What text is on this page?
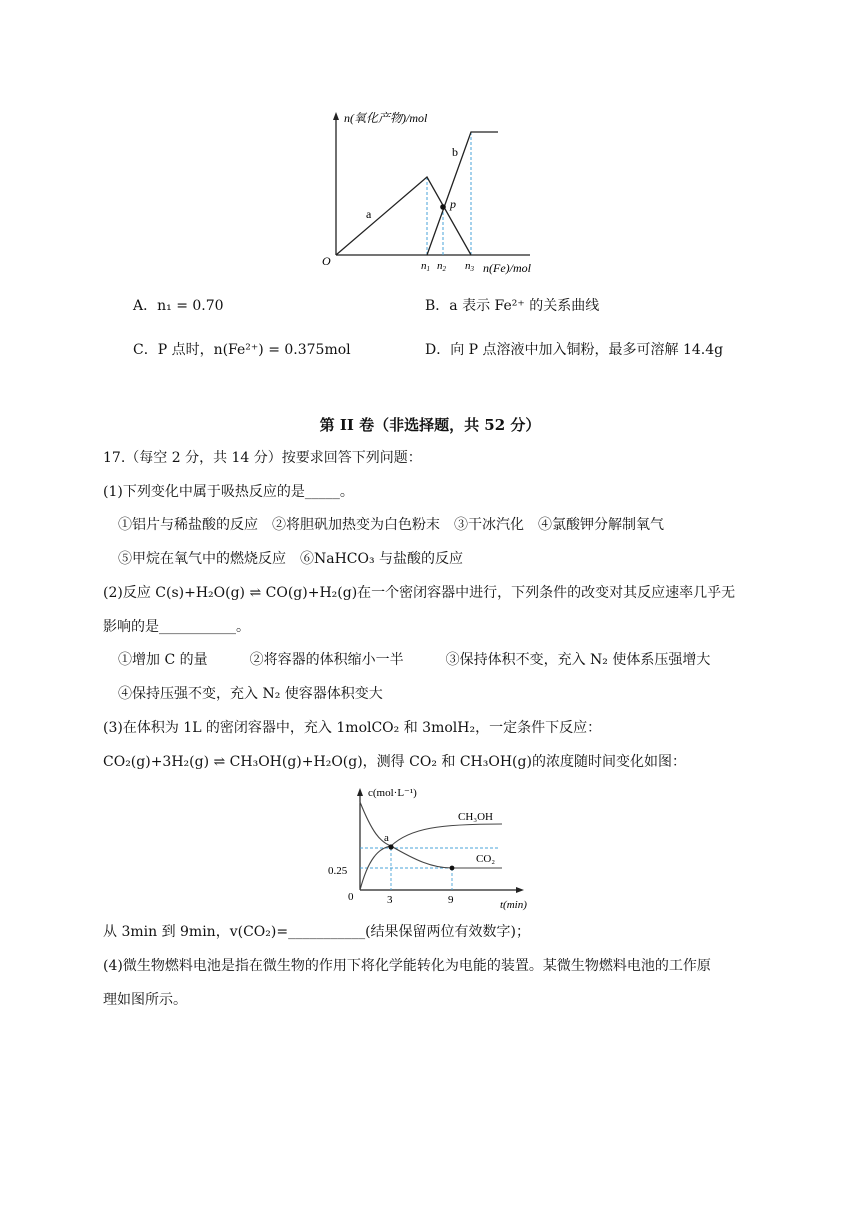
n(氧化产物)/mol
a
b
p
O	n1 n2 n3 n(Fe)/mol
A．n₁ = 0.70	B．a 表示 Fe²⁺ 的关系曲线
C．P 点时，n(Fe²⁺) = 0.375mol	D．向 P 点溶液中加入铜粉，最多可溶解 14.4g
第 II 卷（非选择题，共 52 分）
17.（每空 2 分，共 14 分）按要求回答下列问题：
(1)下列变化中属于吸热反应的是_____。
①铝片与稀盐酸的反应　②将胆矾加热变为白色粉末　③干冰汽化　④氯酸钾分解制氧气
⑤甲烷在氧气中的燃烧反应　⑥NaHCO₃ 与盐酸的反应
(2)反应 C(s)+H₂O(g) ⇌ CO(g)+H₂(g)在一个密闭容器中进行，下列条件的改变对其反应速率几乎无
影响的是___________。
①增加 C 的量　　　②将容器的体积缩小一半　　　③保持体积不变，充入 N₂ 使体系压强增大
④保持压强不变，充入 N₂ 使容器体积变大
(3)在体积为 1L 的密闭容器中，充入 1molCO₂ 和 3molH₂，一定条件下反应：
CO₂(g)+3H₂(g) ⇌ CH₃OH(g)+H₂O(g)，测得 CO₂ 和 CH₃OH(g)的浓度随时间变化如图：
c(mol·L⁻¹)
CH₃OH
CO₂
a
0.25
0	3	9	t(min)
从 3min 到 9min，v(CO₂)=___________(结果保留两位有效数字)；
(4)微生物燃料电池是指在微生物的作用下将化学能转化为电能的装置。某微生物燃料电池的工作原
理如图所示。
